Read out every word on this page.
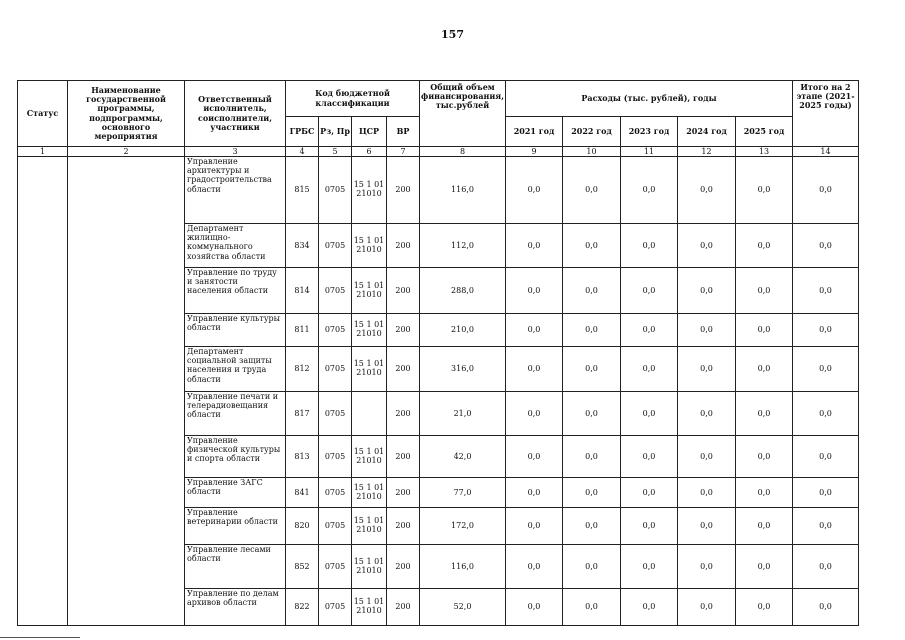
157
Статус	Наименование государственной программы, подпрограммы, основного мероприятия	Ответственный исполнитель, соисполнители, участники	Код бюджетной классификации				Общий объем финансирования, тыс.рублей	Расходы (тыс. рублей), годы					Итого на 2 этапе (2021-2025 годы)
			ГРБС	Рз, Пр	ЦСР	ВР		2021 год	2022 год	2023 год	2024 год	2025 год	
1	2	3	4	5	6	7	8	9	10	11	12	13	14
		Управление архитектуры и градостроительства области	815	0705	15 1 01
21010	200	116,0	0,0	0,0	0,0	0,0	0,0	0,0
		Департамент жилищно-коммунального хозяйства области	834	0705	15 1 01
21010	200	112,0	0,0	0,0	0,0	0,0	0,0	0,0
		Управление по труду и занятости населения области	814	0705	15 1 01
21010	200	288,0	0,0	0,0	0,0	0,0	0,0	0,0
		Управление культуры области	811	0705	15 1 01
21010	200	210,0	0,0	0,0	0,0	0,0	0,0	0,0
		Департамент социальной защиты населения и труда области	812	0705	15 1 01
21010	200	316,0	0,0	0,0	0,0	0,0	0,0	0,0
		Управление печати и телерадиовещания области	817	0705		200	21,0	0,0	0,0	0,0	0,0	0,0	0,0
		Управление физической культуры и спорта области	813	0705	15 1 01
21010	200	42,0	0,0	0,0	0,0	0,0	0,0	0,0
		Управление ЗАГС области	841	0705	15 1 01
21010	200	77,0	0,0	0,0	0,0	0,0	0,0	0,0
		Управление ветеринарии области	820	0705	15 1 01
21010	200	172,0	0,0	0,0	0,0	0,0	0,0	0,0
		Управление лесами области	852	0705	15 1 01
21010	200	116,0	0,0	0,0	0,0	0,0	0,0	0,0
		Управление по делам архивов области	822	0705	15 1 01
21010	200	52,0	0,0	0,0	0,0	0,0	0,0	0,0
